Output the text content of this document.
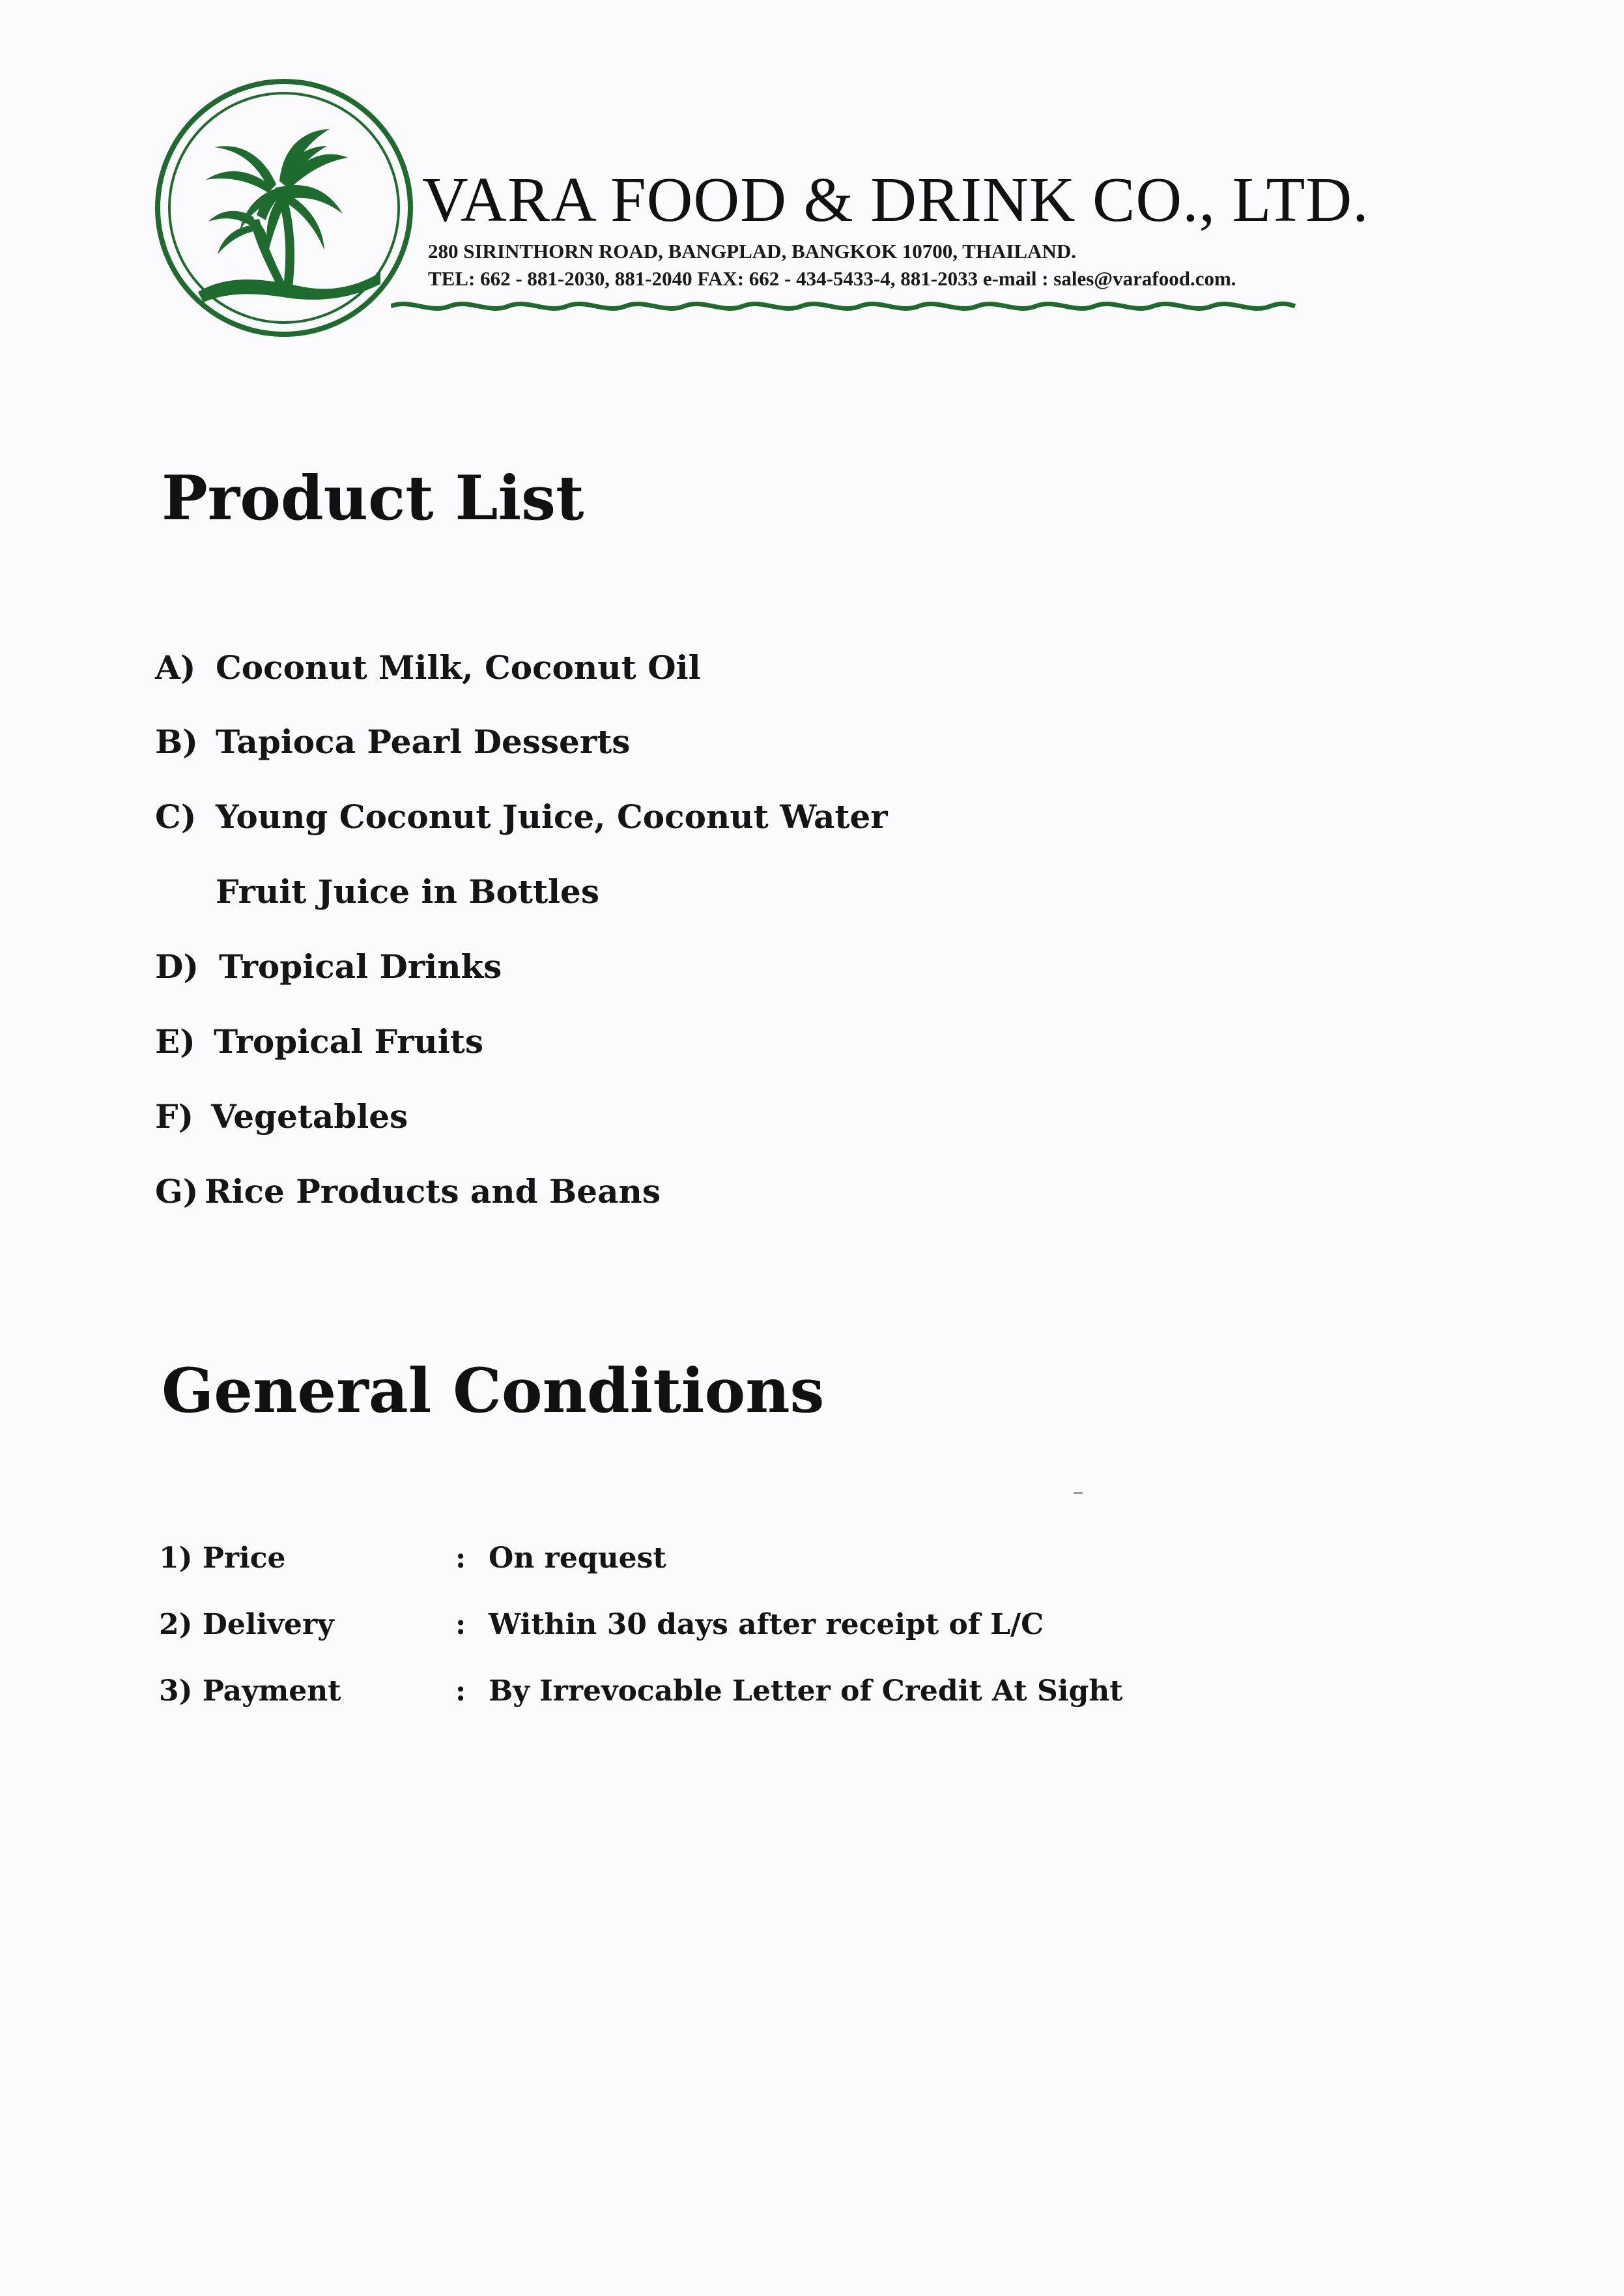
VARA FOOD & DRINK CO., LTD.
280 SIRINTHORN ROAD, BANGPLAD, BANGKOK 10700, THAILAND.
TEL: 662 - 881-2030, 881-2040 FAX: 662 - 434-5433-4, 881-2033 e-mail : sales@varafood.com.
Product List
A) Coconut Milk, Coconut Oil
B) Tapioca Pearl Desserts
C) Young Coconut Juice, Coconut Water
Fruit Juice in Bottles
D) Tropical Drinks
E) Tropical Fruits
F) Vegetables
G) Rice Products and Beans
General Conditions
1) Price	: On request
2) Delivery	: Within 30 days after receipt of L/C
3) Payment	: By Irrevocable Letter of Credit At Sight
